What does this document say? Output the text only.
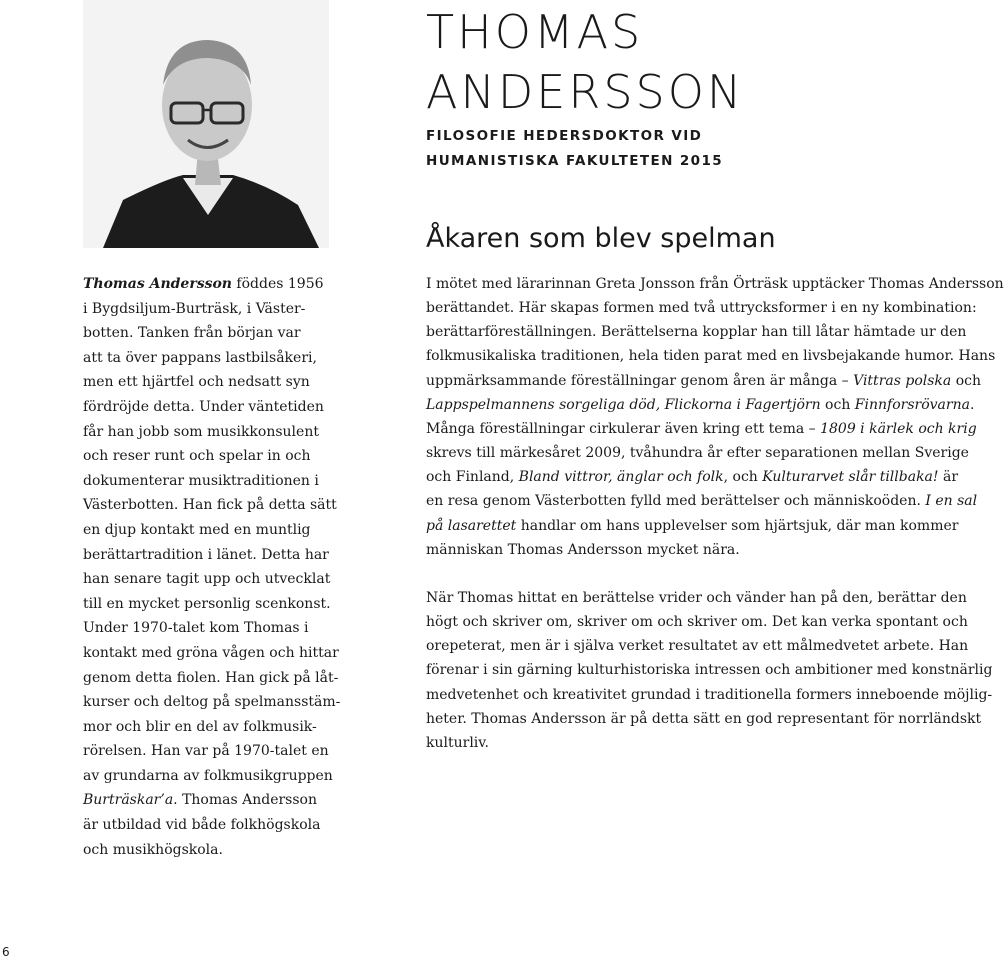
THOMAS
ANDERSSON
FILOSOFIE HEDERSDOKTOR VID
HUMANISTISKA FAKULTETEN 2015
Åkaren som blev spelman
Thomas Andersson föddes 1956
i Bygdsiljum-Burträsk, i Väster-
botten. Tanken från början var
att ta över pappans lastbilsåkeri,
men ett hjärtfel och nedsatt syn
fördröjde detta. Under väntetiden
får han jobb som musikkonsulent
och reser runt och spelar in och
dokumenterar musiktraditionen i
Västerbotten. Han fick på detta sätt
en djup kontakt med en muntlig
berättartradition i länet. Detta har
han senare tagit upp och utvecklat
till en mycket personlig scenkonst.
Under 1970-talet kom Thomas i
kontakt med gröna vågen och hittar
genom detta fiolen. Han gick på låt-
kurser och deltog på spelmansstäm-
mor och blir en del av folkmusik-
rörelsen. Han var på 1970-talet en
av grundarna av folkmusikgruppen
Burträskar’a. Thomas Andersson
är utbildad vid både folkhögskola
och musikhögskola.

I mötet med lärarinnan Greta Jonsson från Örträsk upptäcker Thomas Andersson
berättandet. Här skapas formen med två uttrycksformer i en ny kombination:
berättarföreställningen. Berättelserna kopplar han till låtar hämtade ur den
folkmusikaliska traditionen, hela tiden parat med en livsbejakande humor. Hans
uppmärksammande föreställningar genom åren är många – Vittras polska och
Lappspelmannens sorgeliga död, Flickorna i Fagertjörn och Finnforsrövarna.
Många föreställningar cirkulerar även kring ett tema – 1809 i kärlek och krig
skrevs till märkesåret 2009, tvåhundra år efter separationen mellan Sverige
och Finland, Bland vittror, änglar och folk, och Kulturarvet slår tillbaka! är
en resa genom Västerbotten fylld med berättelser och människoöden. I en sal
på lasarettet handlar om hans upplevelser som hjärtsjuk, där man kommer
människan Thomas Andersson mycket nära.

När Thomas hittat en berättelse vrider och vänder han på den, berättar den
högt och skriver om, skriver om och skriver om. Det kan verka spontant och
orepeterat, men är i själva verket resultatet av ett målmedvetet arbete. Han
förenar i sin gärning kulturhistoriska intressen och ambitioner med konstnärlig
medvetenhet och kreativitet grundad i traditionella formers inneboende möjlig-
heter. Thomas Andersson är på detta sätt en god representant för norrländskt
kulturliv.

6
